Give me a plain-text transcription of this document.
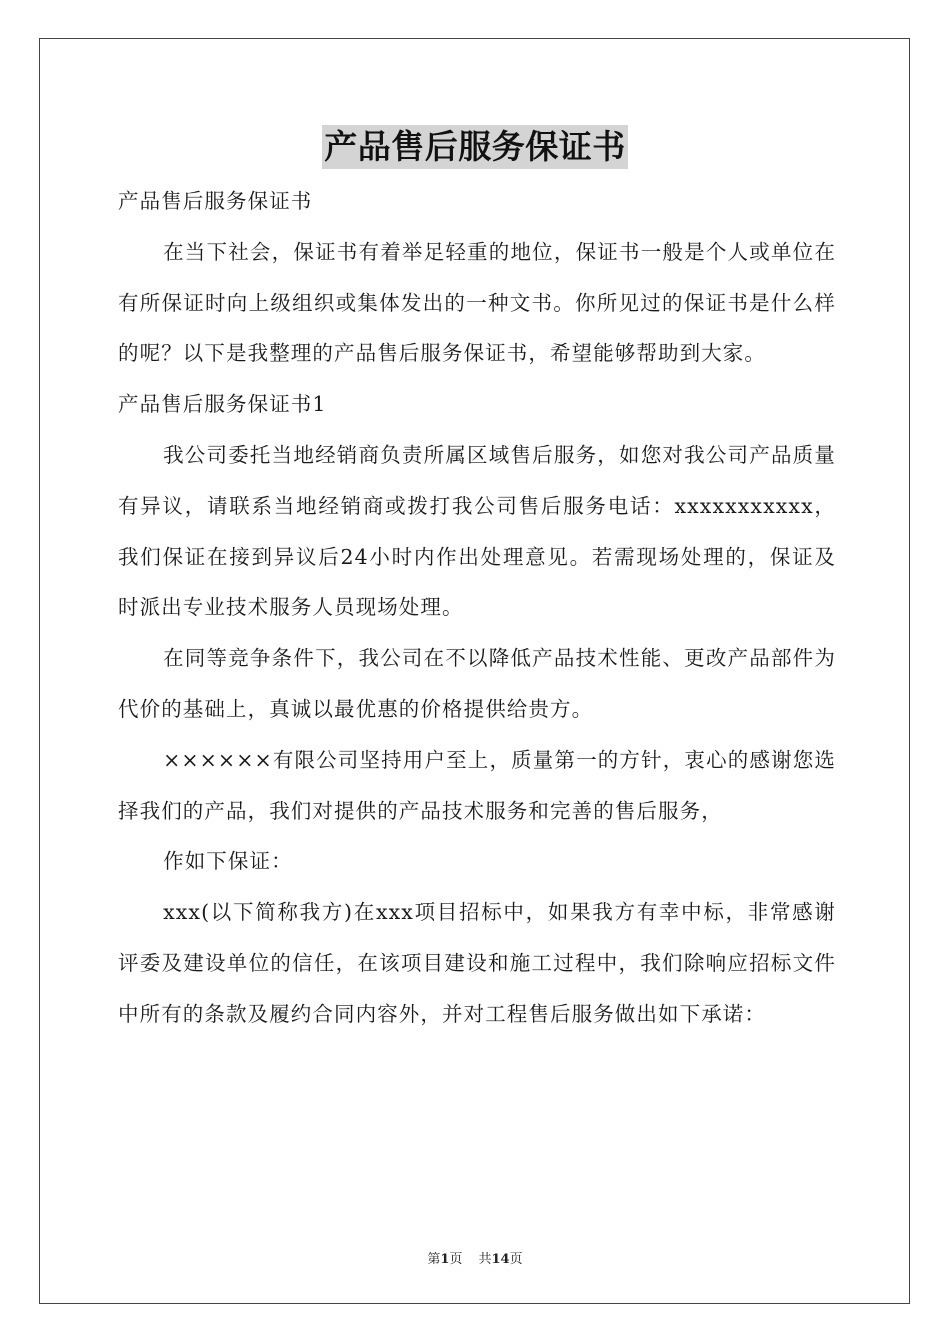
产品售后服务保证书

产品售后服务保证书

在当下社会，保证书有着举足轻重的地位，保证书一般是个人或单位在有所保证时向上级组织或集体发出的一种文书。你所见过的保证书是什么样的呢？以下是我整理的产品售后服务保证书，希望能够帮助到大家。

产品售后服务保证书1

我公司委托当地经销商负责所属区域售后服务，如您对我公司产品质量有异议，请联系当地经销商或拨打我公司售后服务电话：xxxxxxxxxxx，我们保证在接到异议后24小时内作出处理意见。若需现场处理的，保证及时派出专业技术服务人员现场处理。

在同等竞争条件下，我公司在不以降低产品技术性能、更改产品部件为代价的基础上，真诚以最优惠的价格提供给贵方。

××××××有限公司坚持用户至上，质量第一的方针，衷心的感谢您选择我们的产品，我们对提供的产品技术服务和完善的售后服务，

作如下保证：

xxx(以下简称我方)在xxx项目招标中，如果我方有幸中标，非常感谢评委及建设单位的信任，在该项目建设和施工过程中，我们除响应招标文件中所有的条款及履约合同内容外，并对工程售后服务做出如下承诺：

第1页 共14页
